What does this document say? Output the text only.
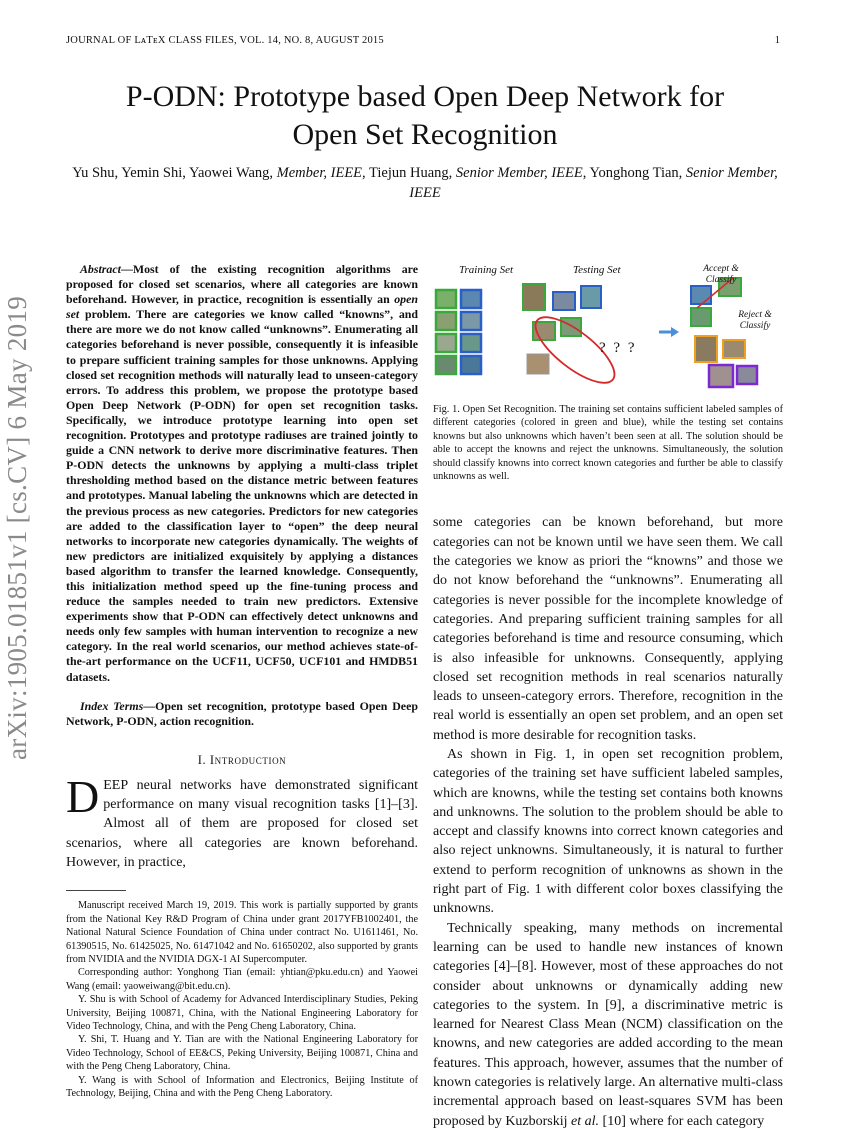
JOURNAL OF LᴀTᴇX CLASS FILES, VOL. 14, NO. 8, AUGUST 2015	1
arXiv:1905.01851v1 [cs.CV] 6 May 2019
P-ODN: Prototype based Open Deep Network for
Open Set Recognition
Yu Shu, Yemin Shi, Yaowei Wang, Member, IEEE, Tiejun Huang, Senior Member, IEEE, Yonghong Tian, Senior Member, IEEE

Abstract—Most of the existing recognition algorithms are proposed for closed set scenarios, where all categories are known beforehand. However, in practice, recognition is essentially an open set problem. There are categories we know called “knowns”, and there are more we do not know called “unknowns”. Enumerating all categories beforehand is never possible, consequently it is infeasible to prepare sufficient training samples for those unknowns. Applying closed set recognition methods will naturally lead to unseen-category errors. To address this problem, we propose the prototype based Open Deep Network (P-ODN) for open set recognition tasks. Specifically, we introduce prototype learning into open set recognition. Prototypes and prototype radiuses are trained jointly to guide a CNN network to derive more discriminative features. Then P-ODN detects the unknowns by applying a multi-class triplet thresholding method based on the distance metric between features and prototypes. Manual labeling the unknowns which are detected in the previous process as new categories. Predictors for new categories are added to the classification layer to “open” the deep neural networks to incorporate new categories dynamically. The weights of new predictors are initialized exquisitely by applying a distances based algorithm to transfer the learned knowledge. Consequently, this initialization method speed up the fine-tuning process and reduce the samples needed to train new predictors. Extensive experiments show that P-ODN can effectively detect unknowns and needs only few samples with human intervention to recognize a new category. In the real world scenarios, our method achieves state-of-the-art performance on the UCF11, UCF50, UCF101 and HMDB51 datasets.

Index Terms—Open set recognition, prototype based Open Deep Network, P-ODN, action recognition.

I. Introduction
DEEP neural networks have demonstrated significant performance on many visual recognition tasks [1]–[3]. Almost all of them are proposed for closed set scenarios, where all categories are known beforehand. However, in practice,

Manuscript received March 19, 2019. This work is partially supported by grants from the National Key R&D Program of China under grant 2017YFB1002401, the National Natural Science Foundation of China under contract No. U1611461, No. 61390515, No. 61425025, No. 61471042 and No. 61650202, also supported by grants from NVIDIA and the NVIDIA DGX-1 AI Supercomputer.

Corresponding author: Yonghong Tian (email: yhtian@pku.edu.cn) and Yaowei Wang (email: yaoweiwang@bit.edu.cn).

Y. Shu is with School of Academy for Advanced Interdisciplinary Studies, Peking University, Beijing 100871, China, with the National Engineering Laboratory for Video Technology, China, and with the Peng Cheng Laboratory, China.

Y. Shi, T. Huang and Y. Tian are with the National Engineering Laboratory for Video Technology, School of EE&CS, Peking University, Beijing 100871, China and with the Peng Cheng Laboratory, China.

Y. Wang is with School of Information and Electronics, Beijing Institute of Technology, Beijing, China and with the Peng Cheng Laboratory.

Training Set	Testing Set	Accept & Classify
Reject & Classify
? ? ?
Fig. 1. Open Set Recognition. The training set contains sufficient labeled samples of different categories (colored in green and blue), while the testing set contains knowns but also unknowns which haven’t been seen at all. The solution should be able to accept the knowns and reject the unknowns. Simultaneously, the solution should classify knowns into correct known categories and further be able to classify unknowns as well.

some categories can be known beforehand, but more categories can not be known until we have seen them. We call the categories we know as priori the “knowns” and those we do not know beforehand the “unknowns”. Enumerating all categories is never possible for the incomplete knowledge of categories. And preparing sufficient training samples for all categories beforehand is time and resource consuming, which is also infeasible for unknowns. Consequently, applying closed set recognition methods in real scenarios naturally leads to unseen-category errors. Therefore, recognition in the real world is essentially an open set problem, and an open set method is more desirable for recognition tasks.

As shown in Fig. 1, in open set recognition problem, categories of the training set have sufficient labeled samples, which are knowns, while the testing set contains both knowns and unknowns. The solution to the problem should be able to accept and classify knowns into correct known categories and also reject unknowns. Simultaneously, it is natural to further extend to perform recognition of unknowns as shown in the right part of Fig. 1 with different color boxes classifying the unknowns.

Technically speaking, many methods on incremental learning can be used to handle new instances of known categories [4]–[8]. However, most of these approaches do not consider about unknowns or dynamically adding new categories to the system. In [9], a discriminative metric is learned for Nearest Class Mean (NCM) classification on the knowns, and new categories are added according to the mean features. This approach, however, assumes that the number of known categories is relatively large. An alternative multi-class incremental approach based on least-squares SVM has been proposed by Kuzborskij et al. [10] where for each category
